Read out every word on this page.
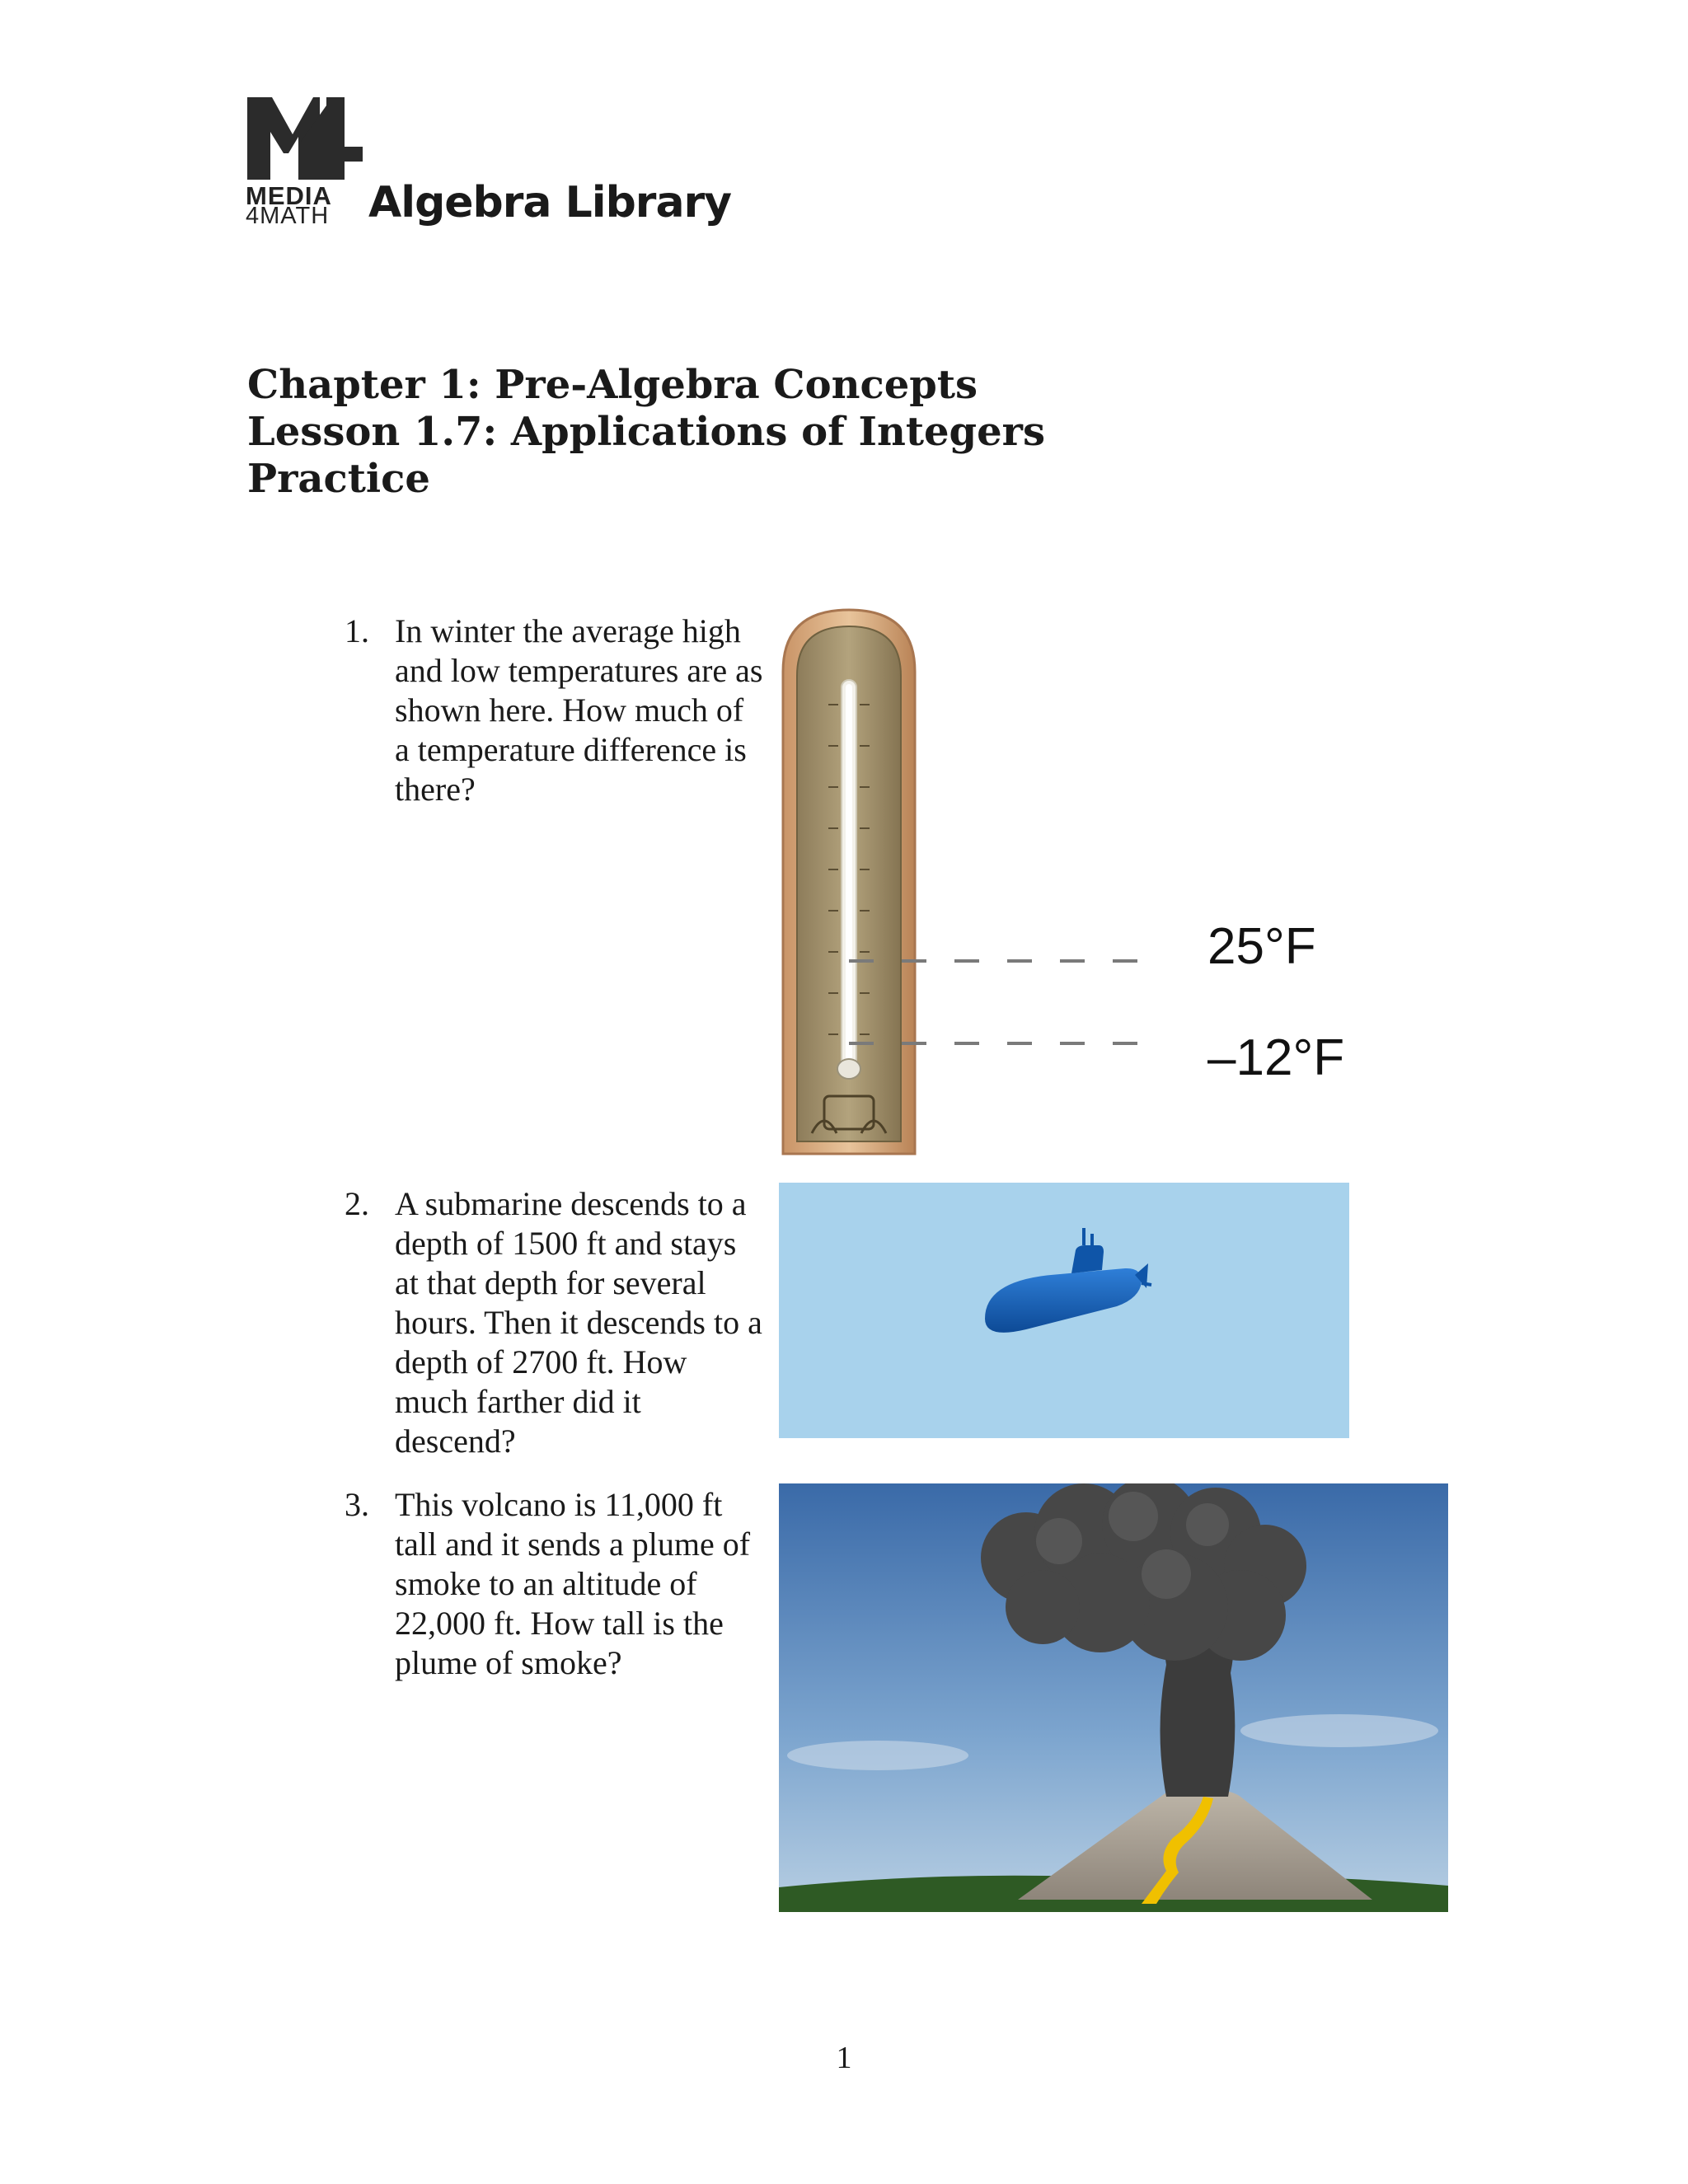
MEDIA
4MATH Algebra Library
Chapter 1: Pre-Algebra Concepts
Lesson 1.7: Applications of Integers
Practice
1. In winter the average high and low temperatures are as shown here. How much of a temperature difference is there?
25°F
–12°F
2. A submarine descends to a depth of 1500 ft and stays at that depth for several hours. Then it descends to a depth of 2700 ft. How much farther did it descend?
3. This volcano is 11,000 ft tall and it sends a plume of smoke to an altitude of 22,000 ft. How tall is the plume of smoke?
1
